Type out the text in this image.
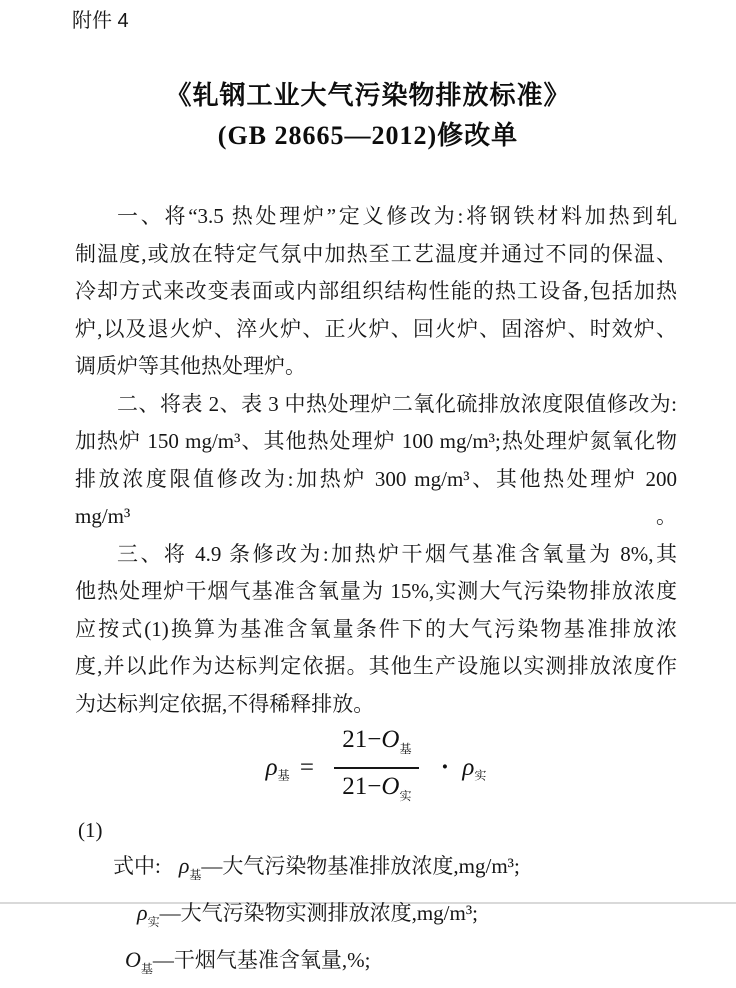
附件 4
《轧钢工业大气污染物排放标准》
(GB 28665—2012)修改单
一、将“3.5 热处理炉”定义修改为:将钢铁材料加热到轧
制温度,或放在特定气氛中加热至工艺温度并通过不同的保温、
冷却方式来改变表面或内部组织结构性能的热工设备,包括加热
炉,以及退火炉、淬火炉、正火炉、回火炉、固溶炉、时效炉、
调质炉等其他热处理炉。
二、将表 2、表 3 中热处理炉二氧化硫排放浓度限值修改为:
加热炉 150 mg/m³、其他热处理炉 100 mg/m³;热处理炉氮氧化物
排放浓度限值修改为:加热炉 300 mg/m³、其他热处理炉 200 mg/m³。
三、将 4.9 条修改为:加热炉干烟气基准含氧量为 8%,其
他热处理炉干烟气基准含氧量为 15%,实测大气污染物排放浓度
应按式(1)换算为基准含氧量条件下的大气污染物基准排放浓
度,并以此作为达标判定依据。其他生产设施以实测排放浓度作
为达标判定依据,不得稀释排放。
$\rho_基 = \frac{21-O_基}{21-O_实} \cdot \rho_实$
(1)
式中: $\rho_基—$大气污染物基准排放浓度,mg/m³;
$\rho_实—$大气污染物实测排放浓度,mg/m³;
$O_基—$干烟气基准含氧量,%;
